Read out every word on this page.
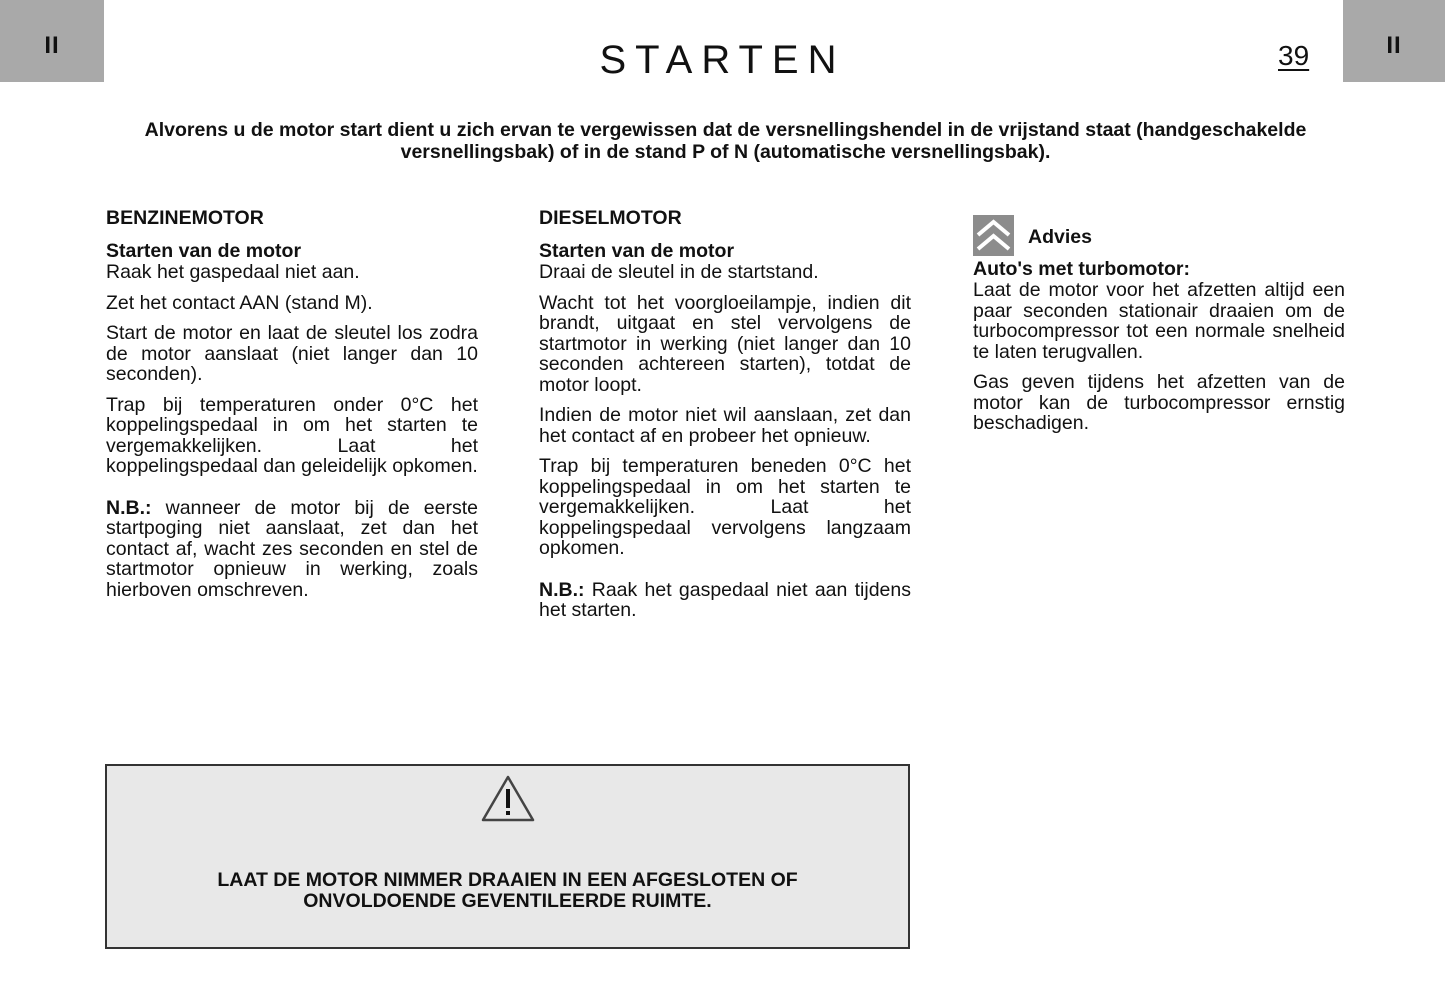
II	II
STARTEN	39
Alvorens u de motor start dient u zich ervan te vergewissen dat de versnellingshendel in de vrijstand staat (handgeschakelde versnellingsbak) of in de stand P of N (automatische versnellingsbak).
BENZINEMOTOR
Starten van de motor

Raak het gaspedaal niet aan.

Zet het contact AAN (stand M).

Start de motor en laat de sleutel los zodra de motor aanslaat (niet langer dan 10 seconden).

Trap bij temperaturen onder 0°C het koppelingspedaal in om het starten te vergemakkelijken. Laat het koppelingspedaal dan geleidelijk opkomen.

N.B.: wanneer de motor bij de eerste startpoging niet aanslaat, zet dan het contact af, wacht zes seconden en stel de startmotor opnieuw in werking, zoals hierboven omschreven.

DIESELMOTOR
Starten van de motor

Draai de sleutel in de startstand.

Wacht tot het voorgloeilampje, indien dit brandt, uitgaat en stel vervolgens de startmotor in werking (niet langer dan 10 seconden achtereen starten), totdat de motor loopt.

Indien de motor niet wil aanslaan, zet dan het contact af en probeer het opnieuw.

Trap bij temperaturen beneden 0°C het koppelingspedaal in om het starten te vergemakkelijken. Laat het koppelingspedaal vervolgens langzaam opkomen.

N.B.: Raak het gaspedaal niet aan tijdens het starten.

Advies
Auto's met turbomotor:

Laat de motor voor het afzetten altijd een paar seconden stationair draaien om de turbocompressor tot een normale snelheid te laten terugvallen.

Gas geven tijdens het afzetten van de motor kan de turbocompressor ernstig beschadigen.

LAAT DE MOTOR NIMMER DRAAIEN IN EEN AFGESLOTEN OF
ONVOLDOENDE GEVENTILEERDE RUIMTE.
